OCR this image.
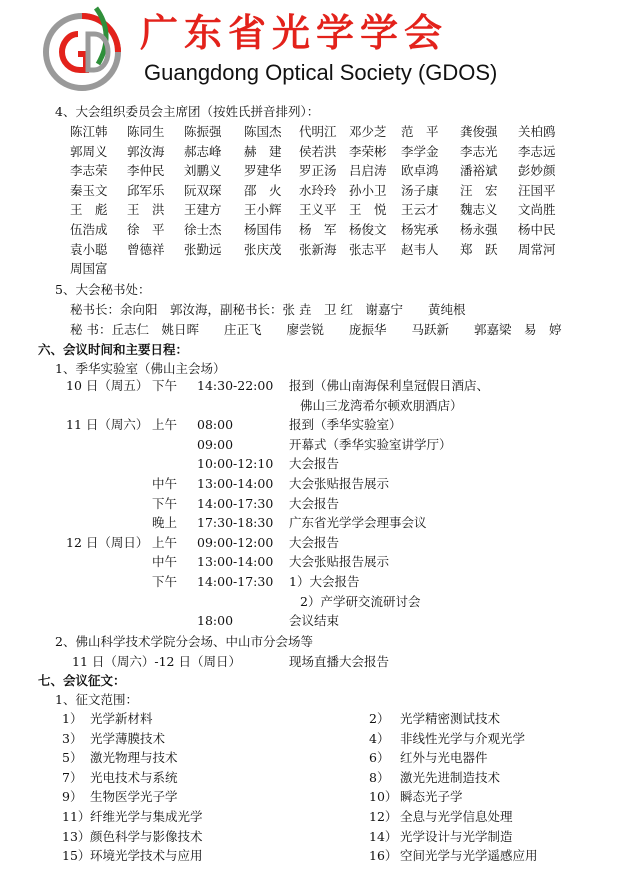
广东省光学学会
Guangdong Optical Society (GDOS)
4、大会组织委员会主席团（按姓氏拼音排列）：
陈江韩 陈同生 陈振强 陈国杰 代明江 邓少芝 范　平 龚俊强 关柏鸥
郭周义 郭汝海 郝志峰 赫　建 侯若洪 李荣彬 李学金 李志光 李志远
李志荣 李仲民 刘鹏义 罗建华 罗正汤 吕启涛 欧卓鸿 潘裕斌 彭妙颜
秦玉文 邱军乐 阮双琛 邵　火 水玲玲 孙小卫 汤子康 汪　宏 汪国平
王　彪 王　洪 王建方 王小辉 王义平 王　悦 王云才 魏志义 文尚胜
伍浩成 徐　平 徐士杰 杨国伟 杨　军 杨俊文 杨宪承 杨永强 杨中民
袁小聪 曾德祥 张勤远 张庆茂 张新海 张志平 赵韦人 郑　跃 周常河
周国富
5、大会秘书处：
秘书长：余向阳　郭汝海，副秘书长：张 垚　卫 红　谢嘉宁　　黄纯根
秘 书：丘志仁　姚日晖　　庄正飞　　廖尝锐　　庞振华　　马跃新　　郭嘉梁　易　婷
六、会议时间和主要日程：
1、季华实验室（佛山主会场）
10 日（周五） 下午 14:30-22:00 报到（佛山南海保利皇冠假日酒店、
佛山三龙湾希尔顿欢朋酒店）
11 日（周六） 上午 08:00	报到（季华实验室）
09:00	开幕式（季华实验室讲学厅）
10:00-12:10 大会报告
中午 13:00-14:00 大会张贴报告展示
下午 14:00-17:30 大会报告
晚上 17:30-18:30 广东省光学学会理事会议
12 日（周日） 上午 09:00-12:00 大会报告
中午 13:00-14:00 大会张贴报告展示
下午 14:00-17:30 1）大会报告
2）产学研交流研讨会
18:00	会议结束
2、佛山科学技术学院分会场、中山市分会场等
11 日（周六）-12 日（周日）	现场直播大会报告
七、会议征文：
1、征文范围：
1） 光学新材料	2） 光学精密测试技术
3） 光学薄膜技术	4） 非线性光学与介观光学
5） 激光物理与技术	6） 红外与光电器件
7） 光电技术与系统	8） 激光先进制造技术
9） 生物医学光子学	10） 瞬态光子学
11） 纤维光学与集成光学	12） 全息与光学信息处理
13） 颜色科学与影像技术	14） 光学设计与光学制造
15） 环境光学技术与应用	16） 空间光学与光学遥感应用
